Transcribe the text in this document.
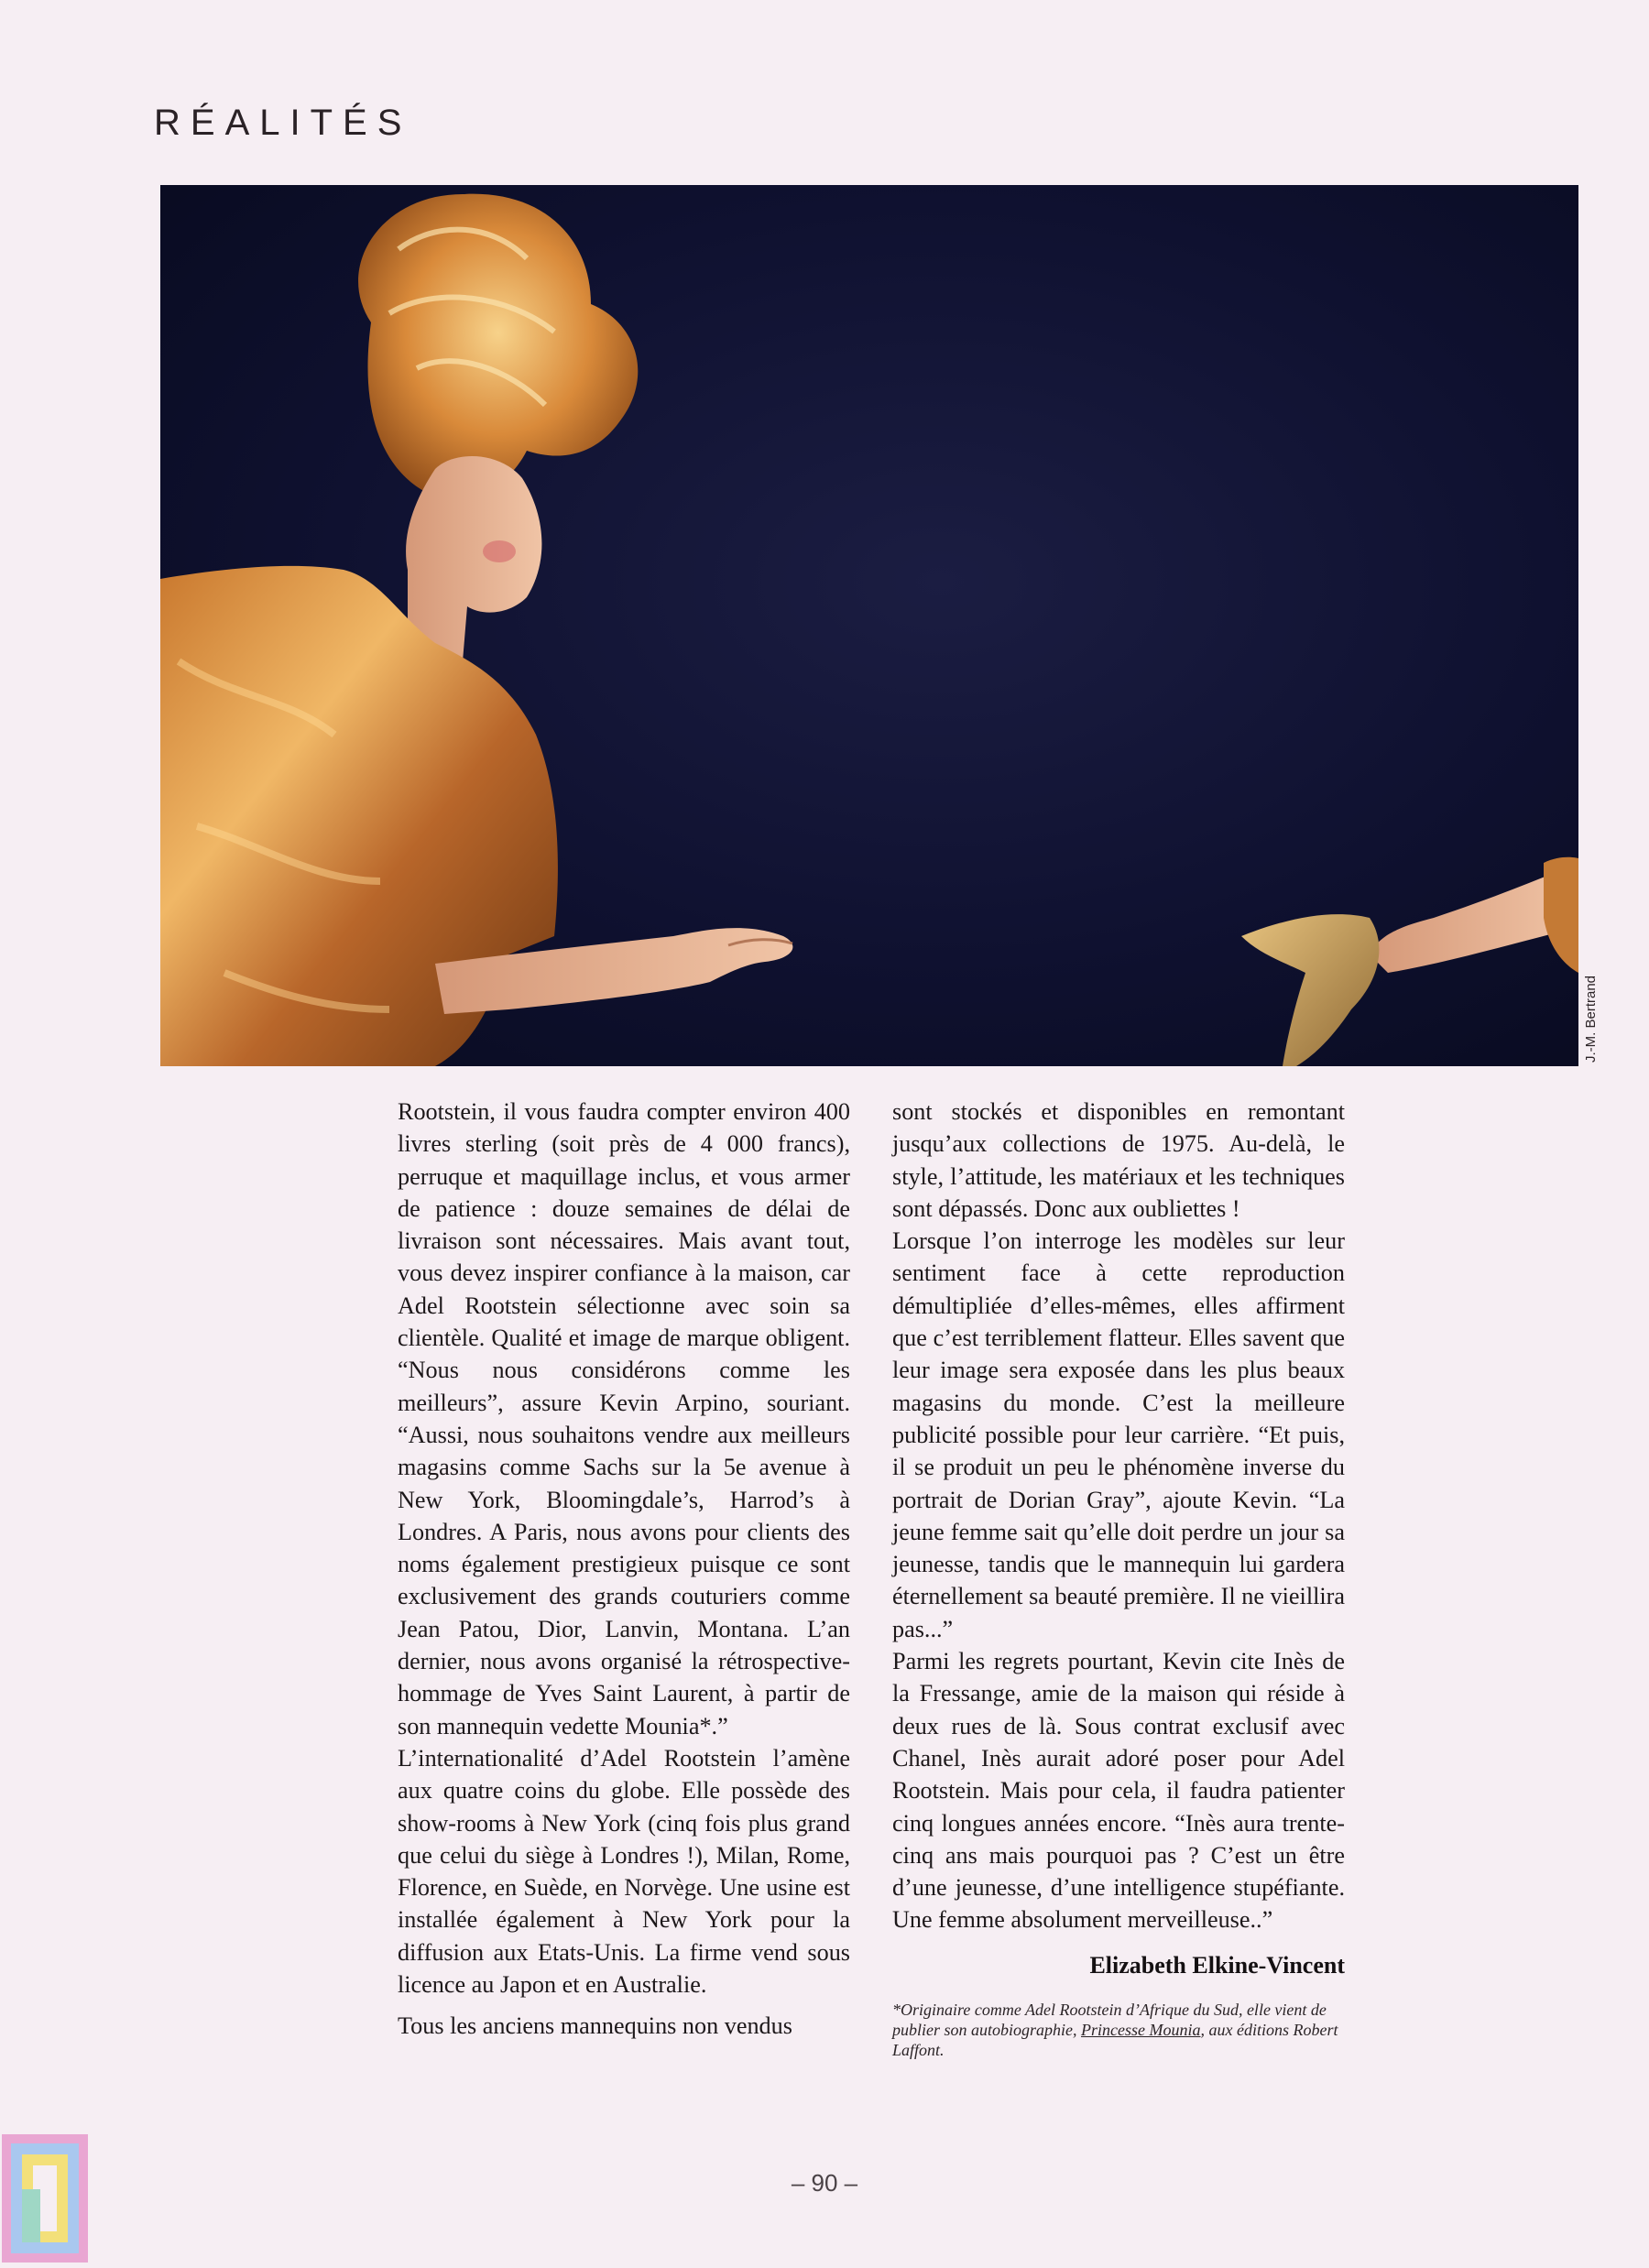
RÉALITÉS
J.-M. Bertrand

Rootstein, il vous faudra compter environ 400 livres sterling (soit près de 4 000 francs), perruque et maquillage inclus, et vous armer de patience : douze semaines de délai de livraison sont nécessaires. Mais avant tout, vous devez inspirer confiance à la maison, car Adel Rootstein sélectionne avec soin sa clientèle. Qualité et image de marque obligent. “Nous nous considérons comme les meilleurs”, assure Kevin Arpino, souriant. “Aussi, nous souhaitons vendre aux meilleurs magasins comme Sachs sur la 5e avenue à New York, Bloomingdale’s, Harrod’s à Londres. A Paris, nous avons pour clients des noms également prestigieux puisque ce sont exclusivement des grands couturiers comme Jean Patou, Dior, Lanvin, Montana. L’an dernier, nous avons organisé la rétrospective-hommage de Yves Saint Laurent, à partir de son mannequin vedette Mounia*.”

L’internationalité d’Adel Rootstein l’amène aux quatre coins du globe. Elle possède des show-rooms à New York (cinq fois plus grand que celui du siège à Londres !), Milan, Rome, Florence, en Suède, en Norvège. Une usine est installée également à New York pour la diffusion aux Etats-Unis. La firme vend sous licence au Japon et en Australie.

Tous les anciens mannequins non vendus

sont stockés et disponibles en remontant jusqu’aux collections de 1975. Au-delà, le style, l’attitude, les matériaux et les techniques sont dépassés. Donc aux oubliettes !

Lorsque l’on interroge les modèles sur leur sentiment face à cette reproduction démultipliée d’elles-mêmes, elles affirment que c’est terriblement flatteur. Elles savent que leur image sera exposée dans les plus beaux magasins du monde. C’est la meilleure publicité possible pour leur carrière. “Et puis, il se produit un peu le phénomène inverse du portrait de Dorian Gray”, ajoute Kevin. “La jeune femme sait qu’elle doit perdre un jour sa jeunesse, tandis que le mannequin lui gardera éternellement sa beauté première. Il ne vieillira pas...”

Parmi les regrets pourtant, Kevin cite Inès de la Fressange, amie de la maison qui réside à deux rues de là. Sous contrat exclusif avec Chanel, Inès aurait adoré poser pour Adel Rootstein. Mais pour cela, il faudra patienter cinq longues années encore. “Inès aura trente-cinq ans mais pourquoi pas ? C’est un être d’une jeunesse, d’une intelligence stupéfiante. Une femme absolument merveilleuse..”

Elizabeth Elkine-Vincent
*Originaire comme Adel Rootstein d’Afrique du Sud, elle vient de publier son autobiographie, Princesse Mounia, aux éditions Robert Laffont.
– 90 –
